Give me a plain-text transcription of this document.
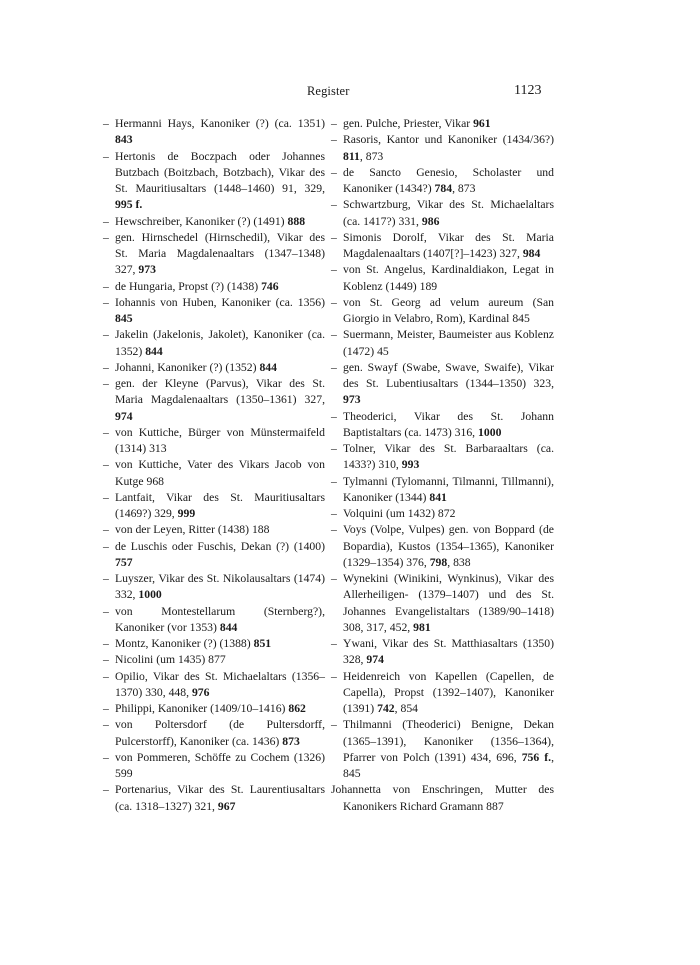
Register	1123

– Hermanni Hays, Kanoniker (?) (ca. 1351) 843

– Hertonis de Boczpach oder Johannes Butzbach (Boitzbach, Botzbach), Vikar des St. Mauritiusaltars (1448–1460) 91, 329, 995 f.

– Hewschreiber, Kanoniker (?) (1491) 888

– gen. Hirnschedel (Hirnschedil), Vikar des St. Maria Magdalenaaltars (1347–1348) 327, 973

– de Hungaria, Propst (?) (1438) 746

– Iohannis von Huben, Kanoniker (ca. 1356) 845

– Jakelin (Jakelonis, Jakolet), Kanoniker (ca. 1352) 844

– Johanni, Kanoniker (?) (1352) 844

– gen. der Kleyne (Parvus), Vikar des St. Maria Magdalenaaltars (1350–1361) 327, 974

– von Kuttiche, Bürger von Münstermaifeld (1314) 313

– von Kuttiche, Vater des Vikars Jacob von Kutge 968

– Lantfait, Vikar des St. Mauritiusaltars (1469?) 329, 999

– von der Leyen, Ritter (1438) 188

– de Luschis oder Fuschis, Dekan (?) (1400) 757

– Luyszer, Vikar des St. Nikolausaltars (1474) 332, 1000

– von Montestellarum (Sternberg?), Kanoniker (vor 1353) 844

– Montz, Kanoniker (?) (1388) 851

– Nicolini (um 1435) 877

– Opilio, Vikar des St. Michaelaltars (1356–1370) 330, 448, 976

– Philippi, Kanoniker (1409/10–1416) 862

– von Poltersdorf (de Pultersdorff, Pulcerstorff), Kanoniker (ca. 1436) 873

– von Pommeren, Schöffe zu Cochem (1326) 599

– Portenarius, Vikar des St. Laurentiusaltars (ca. 1318–1327) 321, 967

– gen. Pulche, Priester, Vikar 961

– Rasoris, Kantor und Kanoniker (1434/36?) 811, 873

– de Sancto Genesio, Scholaster und Kanoniker (1434?) 784, 873

– Schwartzburg, Vikar des St. Michaelaltars (ca. 1417?) 331, 986

– Simonis Dorolf, Vikar des St. Maria Magdalenaaltars (1407[?]–1423) 327, 984

– von St. Angelus, Kardinaldiakon, Legat in Koblenz (1449) 189

– von St. Georg ad velum aureum (San Giorgio in Velabro, Rom), Kardinal 845

– Suermann, Meister, Baumeister aus Koblenz (1472) 45

– gen. Swayf (Swabe, Swave, Swaife), Vikar des St. Lubentiusaltars (1344–1350) 323, 973

– Theoderici, Vikar des St. Johann Baptistaltars (ca. 1473) 316, 1000

– Tolner, Vikar des St. Barbaraaltars (ca. 1433?) 310, 993

– Tylmanni (Tylomanni, Tilmanni, Tillmanni), Kanoniker (1344) 841

– Volquini (um 1432) 872

– Voys (Volpe, Vulpes) gen. von Boppard (de Bopardia), Kustos (1354–1365), Kanoniker (1329–1354) 376, 798, 838

– Wynekini (Winikini, Wynkinus), Vikar des Allerheiligen- (1379–1407) und des St. Johannes Evangelistaltars (1389/90–1418) 308, 317, 452, 981

– Ywani, Vikar des St. Matthiasaltars (1350) 328, 974

– Heidenreich von Kapellen (Capellen, de Capella), Propst (1392–1407), Kanoniker (1391) 742, 854

– Thilmanni (Theoderici) Benigne, Dekan (1365–1391), Kanoniker (1356–1364), Pfarrer von Polch (1391) 434, 696, 756 f., 845

Johannetta von Enschringen, Mutter des Kanonikers Richard Gramann 887
